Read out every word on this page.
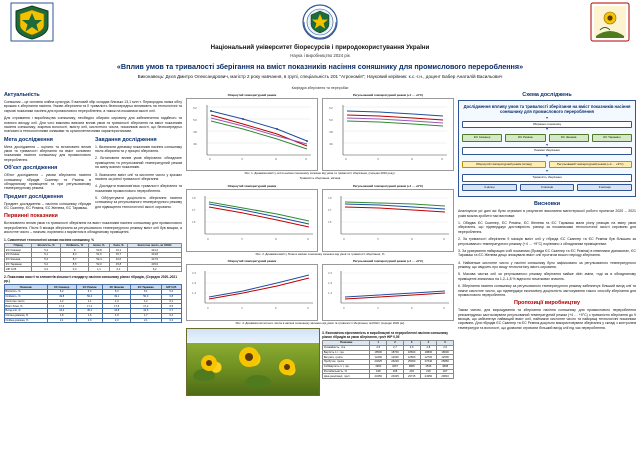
Національний університет біоресурсів і природокористування України
Наука і виробництво 2024 рік
«Вплив умов та тривалості зберігання на вміст показників насіння соняшнику для промислового перероблення»
Виконавець: Дєєв Дмитро Олександрович, магістр 2 року навчання, в групі, спеціальність 201 "Агрономія"; Науковий керівник: к.с.-г.н., доцент Бабер Анаталій Васильович
Кафедра зберігання та переробки
Актуальність

Соняшник – це основна олійна культура. Її валовий збір складає близько 13,1 млн т. Первородна ланка обігу врожаю є зберігання насіння. Умови зберігання та її тривалість безпосередньо впливають на технологічні та харчові показники насіння для промислового перероблення, а також на показники якості олії.

Для отримання і виробництва соняшнику, необхідно обирати сировину для забезпечення надійного та повного виходу олії. Для чого важливо вивчати вплив умов та тривалості зберігання на вміст показників насіння соняшнику, зокрема вологості, вмісту олії, кислотного числа, показників якості, що безпосередньо пов’язані із технологічними ознаками та органолептичними характеристиками.

Мета дослідження

Мета дослідження – оцінити та встановити вплив умов та тривалості зберігання на вміст основних показників насіння соняшнику для промислового перероблення.

Об’єкт дослідження

Об’єкт дослідження – умови зберігання насіння соняшнику гібридів Сканнер та Рємінж в обладнаному приміщенні та при регульованому температурному режимі.

Предмет дослідження

Предмет дослідження – насіння соняшнику гібридів ЄС Сканнер, ЄС Рємінж, ЄС Женева, ЄС Тарамаш.

Завдання дослідження

1. Визначити динаміку показників насіння соняшнику після збирання та у процесі зберігання.

2. Встановити вплив умов зберігання: обладнане приміщення та регульований температурний режим на зміну якісних показників.

3. Визначити вміст олії та кислотне число у зразках насіння за різної тривалості зберігання.

4. Дослідити взаємозв’язок тривалості зберігання та показників промислового перероблення.

5. Обґрунтувати доцільність зберігання насіння соняшнику за регульованого температурного режиму для підвищення технологічної якості сировини.

Первинні показники

Встановлено вплив умов та тривалості зберігання на вміст показників насіння соняшнику для промислового перероблення. Після 9 місяців зберігання за регульованого температурного режиму вміст олії був вищим, а кислотне число – нижчим, порівняно з варіантом в обладнаному приміщенні.

1. Симоптичні технологічні ознаки насіння соняшнику, %
Гібрид	Вологість, %	Олійність, %	Білок, %	Зола, %	Кислотне число, мг КОН/г
ЄС Сканнер	5,4	9	53,8	16,1	421,2
ЄС Рємінж	5,1	8,4	51,6	15,7	413,8
ЄС Женева	5,3	8,7	52,4	16,0	417,5
ЄС Тарамаш	5,2	8,5	52,0	15,8	415,0
НІР 0,05	0,2	0,3	1,1	0,4	6,2
2. Показники якості та елементів кількості стандарту насіння соняшнику різних гібридів, (Середнє 2020–2021 рр.)
Показник	ЄС Сканнер	ЄС Рємінж	ЄС Женева	ЄС Тарамаш	НІР 0,05
Вологість, %	6,2	6,4	6,3	6,1	0,2
Олійність, %	49,8	50,4	49,1	50,0	0,8
Кислотне число	1,2	1,1	1,3	1,2	0,1
Вміст білка, %	17,4	17,1	17,6	17,2	0,5
Вихід олії, %	44,2	45,1	43,8	44,6	0,7
Смітна домішка, %	1,8	1,6	1,9	1,7	0,2
Олійна домішка, %	2,1	2,0	2,3	2,1	0,2
Обернутий температурний режим
52
50
48
46
0	3	6	9
Регульований температурний режим (+4 … +9°С)
52
50
48
46
0	3	6	9
Рис. 1. Динаміка вмісту олії в насінні соняшнику залежно від умов та тривалості зберігання, (середні 2020 року).
Тривалість зберігання, місяців
Обернутий температурний режим
19
17
15
0	3	6	9
Регульований температурний режим (+4 … +9°С)
19
17
15
0	3	6	9
Рис. 2. Динаміка вмісту білка в насінні соняшнику залежно від умов та тривалості зберігання, %
Обернутий температурний режим
2,5
1,8
1,2
0	3	6	9
Регульований температурний режим (+4 … +9°С)
2,5
1,8
1,2
0	3	6	9
Рис. 3. Динаміка кислотного числа в насінні соняшнику залежно від умов та тривалості зберігання, мгКОН/г (середні 2020 рік)
3. Економічна ефективність в виробництві та переробленні насіння соняшнику різних гібридів за умов зберігання, грн/т НІР 0,05
Показник	1	2	3	4	5
Урожайність, т/га	2,5	2,7	2,6	2,8	2,6
Вартість 1 т, грн	18500	18700	18600	18800	18600
Витрати, грн/га	12400	12600	12500	12700	12500
Прибуток, грн/га	24625	26249	25360	27640	25860
Собівартість 1 т, грн	4960	4667	4808	4536	4808
Рентабельність, %	198	208	203	218	207
Ціна реалізації, грн/т	23450	24025	23715	24350	23810
Схема досліджень
Дослідження впливу умов та тривалості зберігання на вміст показників насіння соняшнику для промислового перероблення
▼
Збирання соняшнику
▼
ЄС Сканнер	ЄС Рємінж	ЄС Женева	ЄС Тарамаш
▼
Режими зберігання
▼
Обернутий температурний режим (склад)	Регульований температурний режим (+4 … +9°С)
▼
Тривалість зберігання
3 місяці	6 місяців	9 місяців
Висновки

Аналізуючи усі дані які були отримані в результаті виконання магістерської роботи протягом 2020 – 2021 років можна зробити такі висновки:

1. Обидва ЄС Сканнер, ЄС Рємінж, ЄС Женева та ЄС Тарамаш мали різну реакцію на зміну умов зберігання, що підтверджує достовірність різниці за показниками технологічної якості сировини для перероблення.

2. За тривалості зберігання 9 місяців вміст олії у гібрида ЄС Сканнер та ЄС Рємінж був більшим за регульованого температурного режиму (+4 … +9°С) порівняно з обладнаним приміщенням.

3. За урахування найкращих собі показники (Правда ЄС Сканнер та ЄС Рємінж) в невеликих діапазонах, ЄС Тарамаш та ЄС Женева дещо знижували вміст олії протягом всього періоду зберігання.

4. Найменше кислотне число у насінні соняшнику було зафіксовано за регульованого температурного режиму, що свідчить про вищу технологічну якість сировини.

5. Масова частка олії за регульованого режиму зберігання майже didn зміни, тоді як в обладнаному приміщенні знизилася на 1,2–1,8 % відносно початкових значень.

6. Зберігання насіння соняшнику за регульованого температурного режиму забезпечує більший вихід олії та нижче кислотне число, що підтверджує економічну доцільність застосування такого способу зберігання для промислового перероблення.

Пропозиції виробництву

Таким чином, для вирощування та зберігання насіння соняшнику для промислового перероблення рекомендуємо застосовувати регульований температурний режим (+4 … +9°С) з тривалістю зберігання до 9 місяців, що забезпечує найвищий вміст олії, найнижче кислотне число та найкращі технологічні показники сировини. Для гібридів ЄС Сканнер та ЄС Рємінж доцільно використовувати зберігання у складі з контролем температури та вологості, що дозволяє отримати більший вихід олії під час перероблення.
